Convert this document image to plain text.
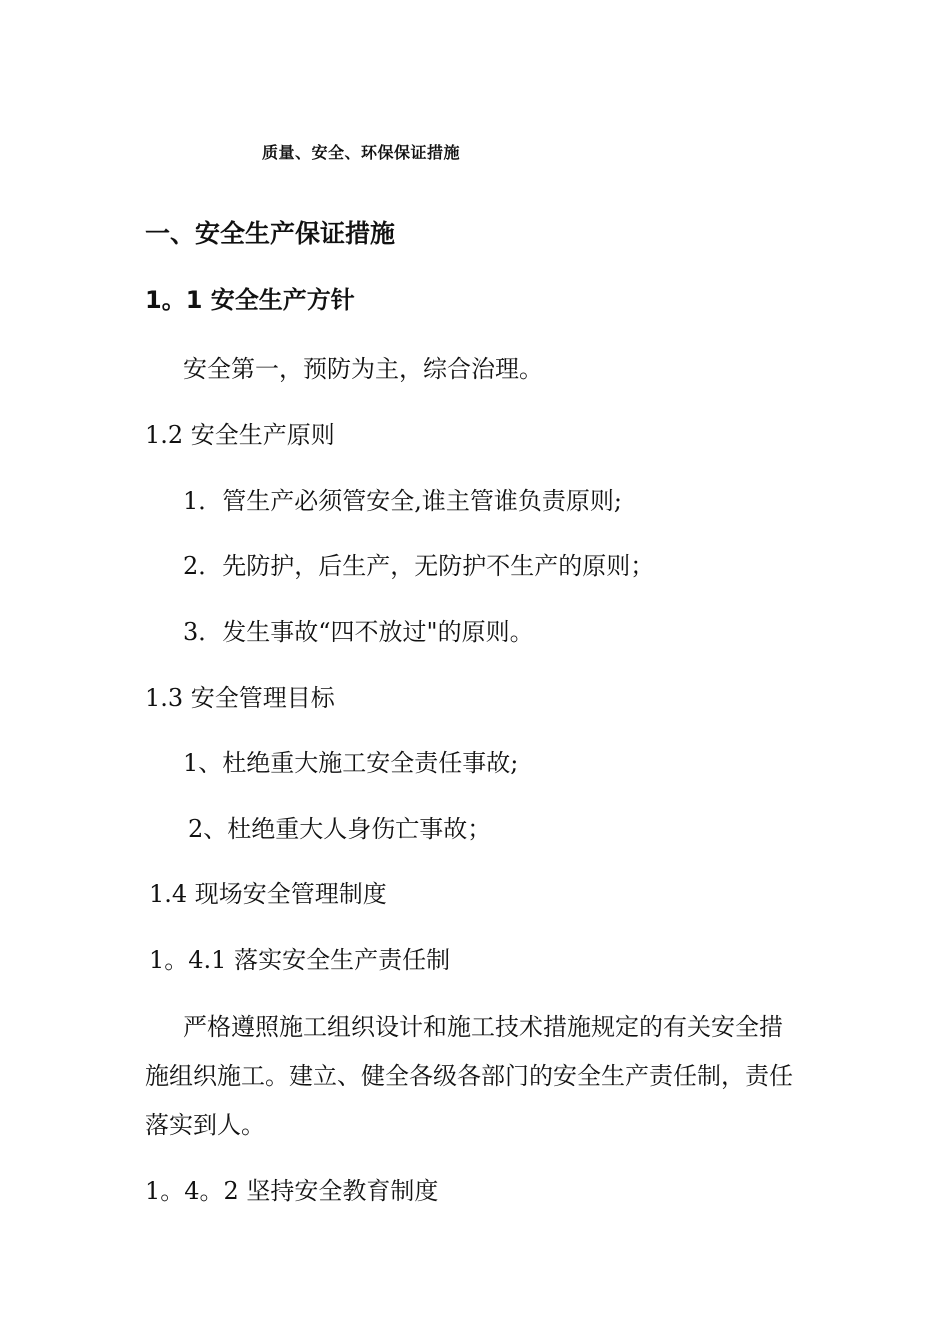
质量、安全、环保保证措施
一、安全生产保证措施
1。1 安全生产方针
安全第一，预防为主，综合治理。
1.2 安全生产原则
1．管生产必须管安全,谁主管谁负责原则;
2．先防护，后生产，无防护不生产的原则；
3．发生事故“四不放过"的原则。
1.3 安全管理目标
1、杜绝重大施工安全责任事故;
2、杜绝重大人身伤亡事故；
1.4 现场安全管理制度
1。4.1 落实安全生产责任制
严格遵照施工组织设计和施工技术措施规定的有关安全措施组织施工。建立、健全各级各部门的安全生产责任制，责任落实到人。
1。4。2 坚持安全教育制度
